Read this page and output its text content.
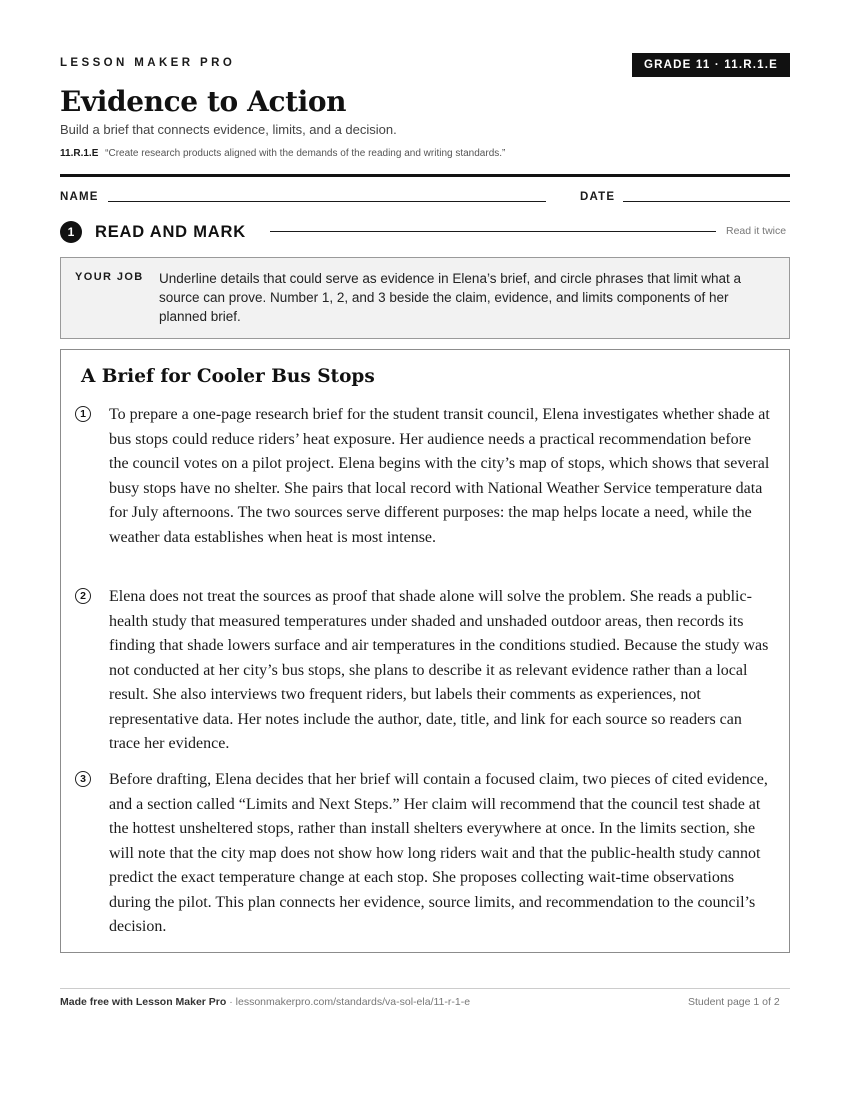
LESSON MAKER PRO	GRADE 11 · 11.R.1.E
Evidence to Action
Build a brief that connects evidence, limits, and a decision.
11.R.1.E “Create research products aligned with the demands of the reading and writing standards.”
NAME	DATE
1	READ AND MARK	Read it twice
YOUR JOB Underline details that could serve as evidence in Elena’s brief, and circle phrases that limit what a source can prove. Number 1, 2, and 3 beside the claim, evidence, and limits components of her planned brief.

A Brief for Cooler Bus Stops
1	To prepare a one-page research brief for the student transit council, Elena investigates whether shade at bus stops could reduce riders’ heat exposure. Her audience needs a practical recommendation before the council votes on a pilot project. Elena begins with the city’s map of stops, which shows that several busy stops have no shelter. She pairs that local record with National Weather Service temperature data for July afternoons. The two sources serve different purposes: the map helps locate a need, while the weather data establishes when heat is most intense.

2	Elena does not treat the sources as proof that shade alone will solve the problem. She reads a public-health study that measured temperatures under shaded and unshaded outdoor areas, then records its finding that shade lowers surface and air temperatures in the conditions studied. Because the study was not conducted at her city’s bus stops, she plans to describe it as relevant evidence rather than a local result. She also interviews two frequent riders, but labels their comments as experiences, not representative data. Her notes include the author, date, title, and link for each source so readers can trace her evidence.

3	Before drafting, Elena decides that her brief will contain a focused claim, two pieces of cited evidence, and a section called “Limits and Next Steps.” Her claim will recommend that the council test shade at the hottest unsheltered stops, rather than install shelters everywhere at once. In the limits section, she will note that the city map does not show how long riders wait and that the public-health study cannot predict the exact temperature change at each stop. She proposes collecting wait-time observations during the pilot. This plan connects her evidence, source limits, and recommendation to the council’s decision.

Made free with Lesson Maker Pro · lessonmakerpro.com/standards/va-sol-ela/11-r-1-e	Student page 1 of 2
